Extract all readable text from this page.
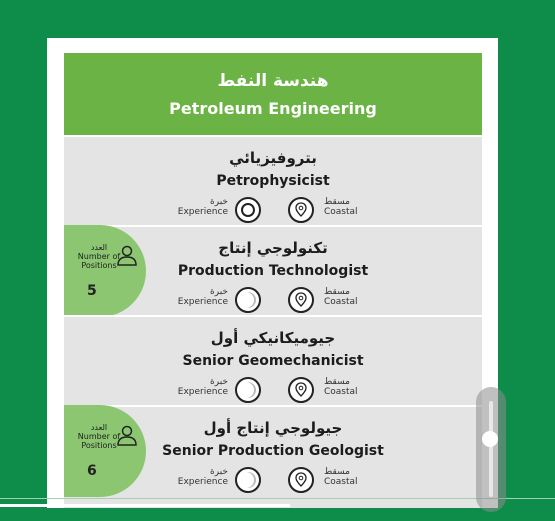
هندسة النفط
Petroleum Engineering
بتروفيزيائي
Petrophysicist
خبرة
Experience
مسقط
Coastal
العدد
Number of Positions
5
تكنولوجي إنتاج
Production Technologist
خبرة
Experience
مسقط
Coastal
جيوميكانيكي أول
Senior Geomechanicist
خبرة
Experience
مسقط
Coastal
العدد
Number of Positions
6
جيولوجي إنتاج أول
Senior Production Geologist
خبرة
Experience
مسقط
Coastal
